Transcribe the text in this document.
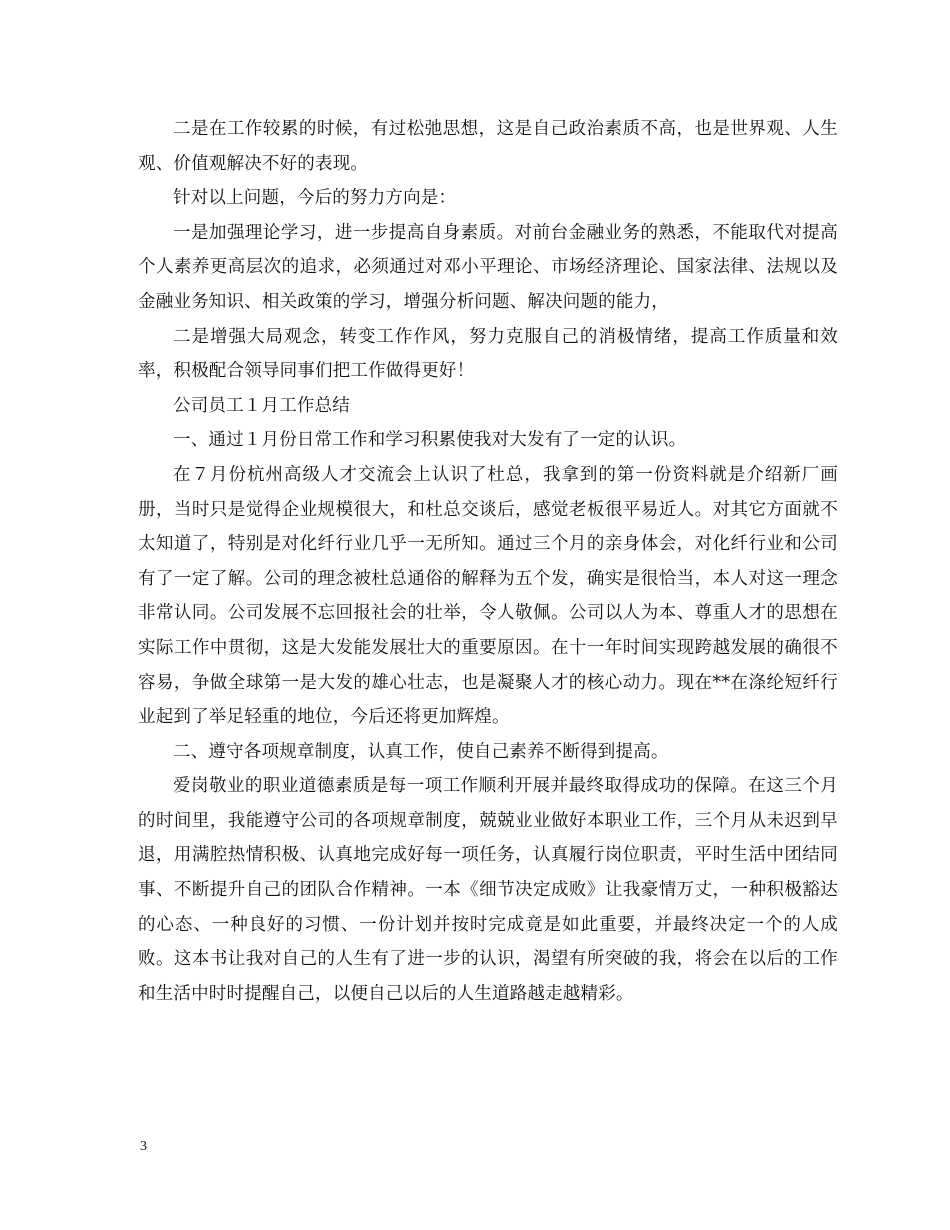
二是在工作较累的时候，有过松弛思想，这是自己政治素质不高，也是世界观、人生观、价值观解决不好的表现。

针对以上问题，今后的努力方向是：

一是加强理论学习，进一步提高自身素质。对前台金融业务的熟悉，不能取代对提高个人素养更高层次的追求，必须通过对邓小平理论、市场经济理论、国家法律、法规以及金融业务知识、相关政策的学习，增强分析问题、解决问题的能力，

二是增强大局观念，转变工作作风，努力克服自己的消极情绪，提高工作质量和效率，积极配合领导同事们把工作做得更好！

公司员工１月工作总结

一、通过１月份日常工作和学习积累使我对大发有了一定的认识。

在７月份杭州高级人才交流会上认识了杜总，我拿到的第一份资料就是介绍新厂画册，当时只是觉得企业规模很大，和杜总交谈后，感觉老板很平易近人。对其它方面就不太知道了，特别是对化纤行业几乎一无所知。通过三个月的亲身体会，对化纤行业和公司有了一定了解。公司的理念被杜总通俗的解释为五个发，确实是很恰当，本人对这一理念非常认同。公司发展不忘回报社会的壮举，令人敬佩。公司以人为本、尊重人才的思想在实际工作中贯彻，这是大发能发展壮大的重要原因。在十一年时间实现跨越发展的确很不容易，争做全球第一是大发的雄心壮志，也是凝聚人才的核心动力。现在**在涤纶短纤行业起到了举足轻重的地位，今后还将更加辉煌。

二、遵守各项规章制度，认真工作，使自己素养不断得到提高。

爱岗敬业的职业道德素质是每一项工作顺利开展并最终取得成功的保障。在这三个月的时间里，我能遵守公司的各项规章制度，兢兢业业做好本职业工作，三个月从未迟到早退，用满腔热情积极、认真地完成好每一项任务，认真履行岗位职责，平时生活中团结同事、不断提升自己的团队合作精神。一本《细节决定成败》让我豪情万丈，一种积极豁达的心态、一种良好的习惯、一份计划并按时完成竟是如此重要，并最终决定一个的人成败。这本书让我对自己的人生有了进一步的认识，渴望有所突破的我，将会在以后的工作和生活中时时提醒自己，以便自己以后的人生道路越走越精彩。

3
